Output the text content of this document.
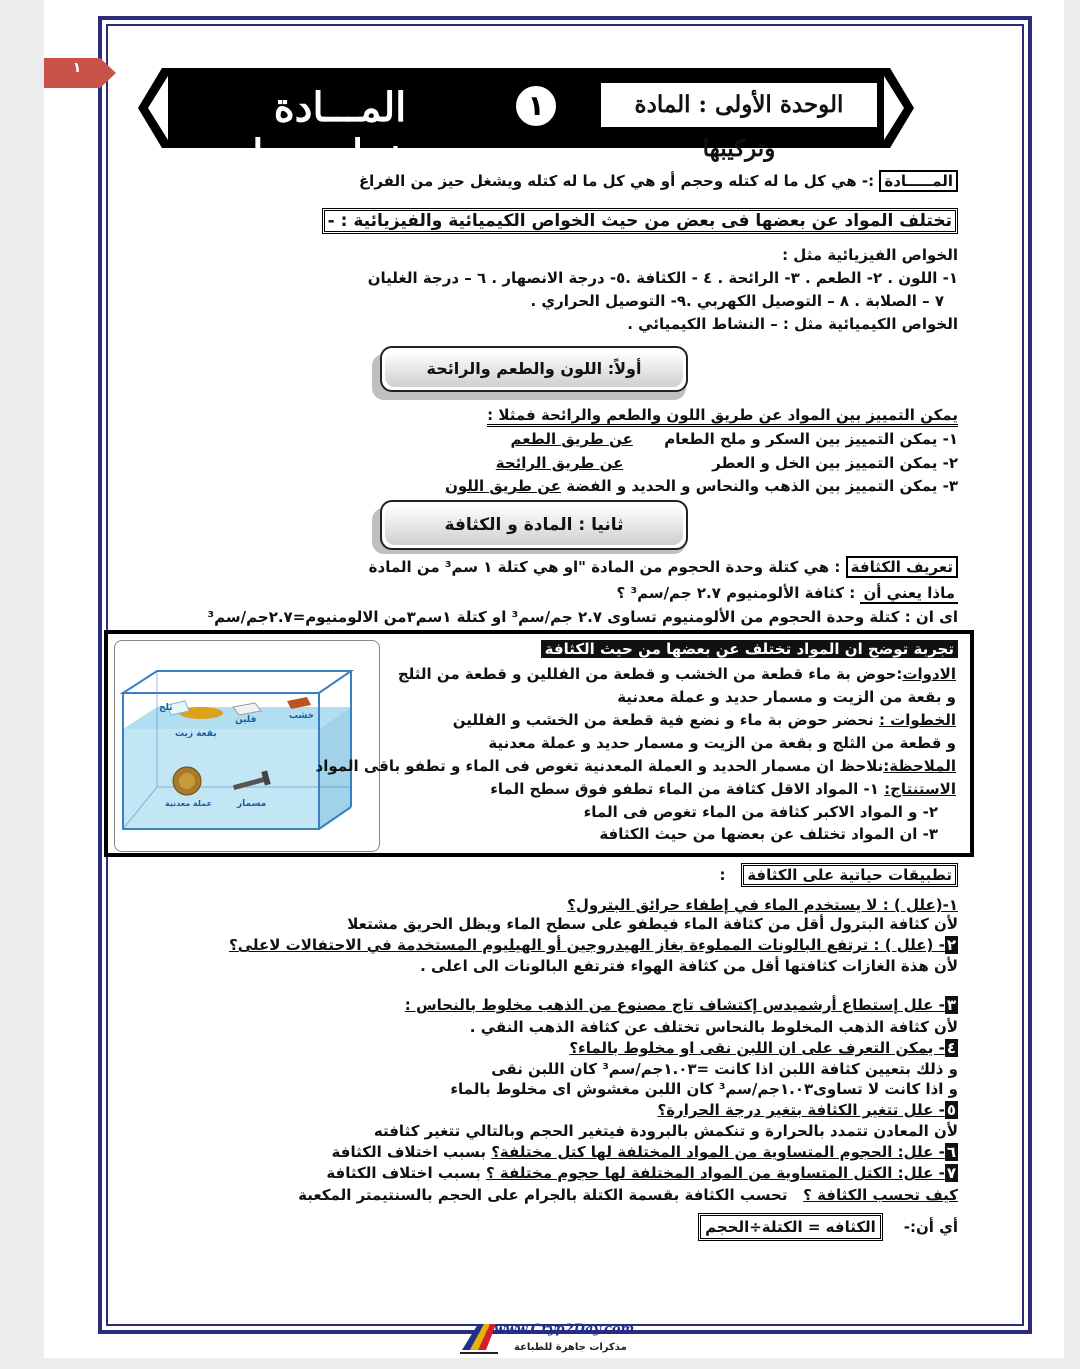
١
المـــادة وخواصهـــا
١	الوحدة الأولى : المادة وتركيبها
المـــــادة :- هي كل ما له كتله وحجم أو هي كل ما له كتله ويشغل حيز من الفراغ
تختلف المواد عن بعضها فى بعض من حيث الخواص الكيميائية والفيزيائية : -
الخواص الفيزيائية مثل :
١- اللون . ٢- الطعم . ٣- الرائحة . ٤ - الكثافة .٥- درجة الانصهار . ٦ – درجة الغليان
٧ – الصلابة . ٨ – التوصيل الكهربي .٩- التوصيل الحراري .
الخواص الكيميائية مثل : – النشاط الكيميائي .
أولاً: اللون والطعم والرائحة
يمكن التمييز بين المواد عن طريق اللون والطعم والرائحة فمثلا :
١- يمكن التمييز بين السكر و ملح الطعام      عن طريق الطعم
٢- يمكن التمييز بين الخل و العطر                 عن طريق الرائحة
٣- يمكن التمييز بين الذهب والنحاس و الحديد و الفضة عن طريق اللون
ثانيا : المادة و الكثافة
تعريف الكثافة : هي كتلة وحدة الحجوم من المادة "او هي كتلة ١ سم³ من المادة
ماذا يعني أن : كثافة الألومنيوم ٢.٧ جم/سم³ ؟
اى ان : كتلة وحدة الحجوم من الألومنيوم تساوى ٢.٧ جم/سم³ او كتلة ١سم٣من الالومنيوم=٢.٧جم/سم³
ثلج
فلين	خشب
بقعة زيت
عملة معدنية	مسمار
تجربة توضح ان المواد تختلف عن بعضها من حيث الكثافة
الادوات:حوض بة ماء قطعة من الخشب و قطعة من الفللين و قطعة من الثلج
و بقعة من الزيت و مسمار حديد و عملة معدنية
الخطوات : نحضر حوض بة ماء و نضع فية قطعة من الخشب و الفللين
و قطعة من الثلج و بقعة من الزيت و مسمار حديد و عملة معدنية
الملاحظة:نلاحظ ان مسمار الحديد و العملة المعدنية تغوص فى الماء و تطفو باقى المواد
الاستنتاج: ١- المواد الاقل كثافة من الماء تطفو فوق سطح الماء
٢- و المواد الاكبر كثافة من الماء تغوص فى الماء
٣- ان المواد تختلف عن بعضها من حيث الكثافة
تطبيقات حياتية على الكثافة   :
١-(علل ) : لا يستخدم الماء في إطفاء حرائق البترول؟
لأن كثافة البترول أقل من كثافة الماء فيطفو على سطح الماء ويظل الحريق مشتعلا
٢- (علل ) : ترتفع البالونات المملوءة بغاز الهيدروجين أو الهيليوم المستخدمة في الاحتفالات لاعلى؟
لأن هذة الغازات كثافتها أقل من كثافة الهواء فترتفع البالونات الى اعلى .
٣- علل إستطاع أرشميدس إكتشاف تاج مصنوع من الذهب مخلوط بالنحاس :
لأن كثافة الذهب المخلوط بالنحاس تختلف عن كثافة الذهب النقي .
٤- يمكن التعرف على ان اللبن نقى او مخلوط بالماء؟
و ذلك بتعيين كثافة اللبن اذا كانت =١.٠٣جم/سم³ كان اللبن نقى
و اذا كانت لا تساوى١.٠٣جم/سم³ كان اللبن مغشوش اى مخلوط بالماء
٥- علل تتغير الكثافة بتغير درجة الحرارة؟
لأن المعادن تتمدد بالحرارة و تنكمش بالبرودة فيتغير الحجم وبالتالي تتغير كثافته
٦- علل: الحجوم المتساوية من المواد المختلفة لها كتل مختلفة؟ بسبب اختلاف الكثافة
٧- علل: الكتل المتساوية من المواد المختلفة لها حجوم مختلفة ؟ بسبب اختلاف الكثافة
كيف تحسب الكثافة ؟   تحسب الكثافة بقسمة الكتلة بالجرام على الحجم بالسنتيمتر المكعبة
أي أن:-    الكثافه = الكتلة÷الحجم
www.Cryp2Day.com
مذكرات جاهزة للطباعة
